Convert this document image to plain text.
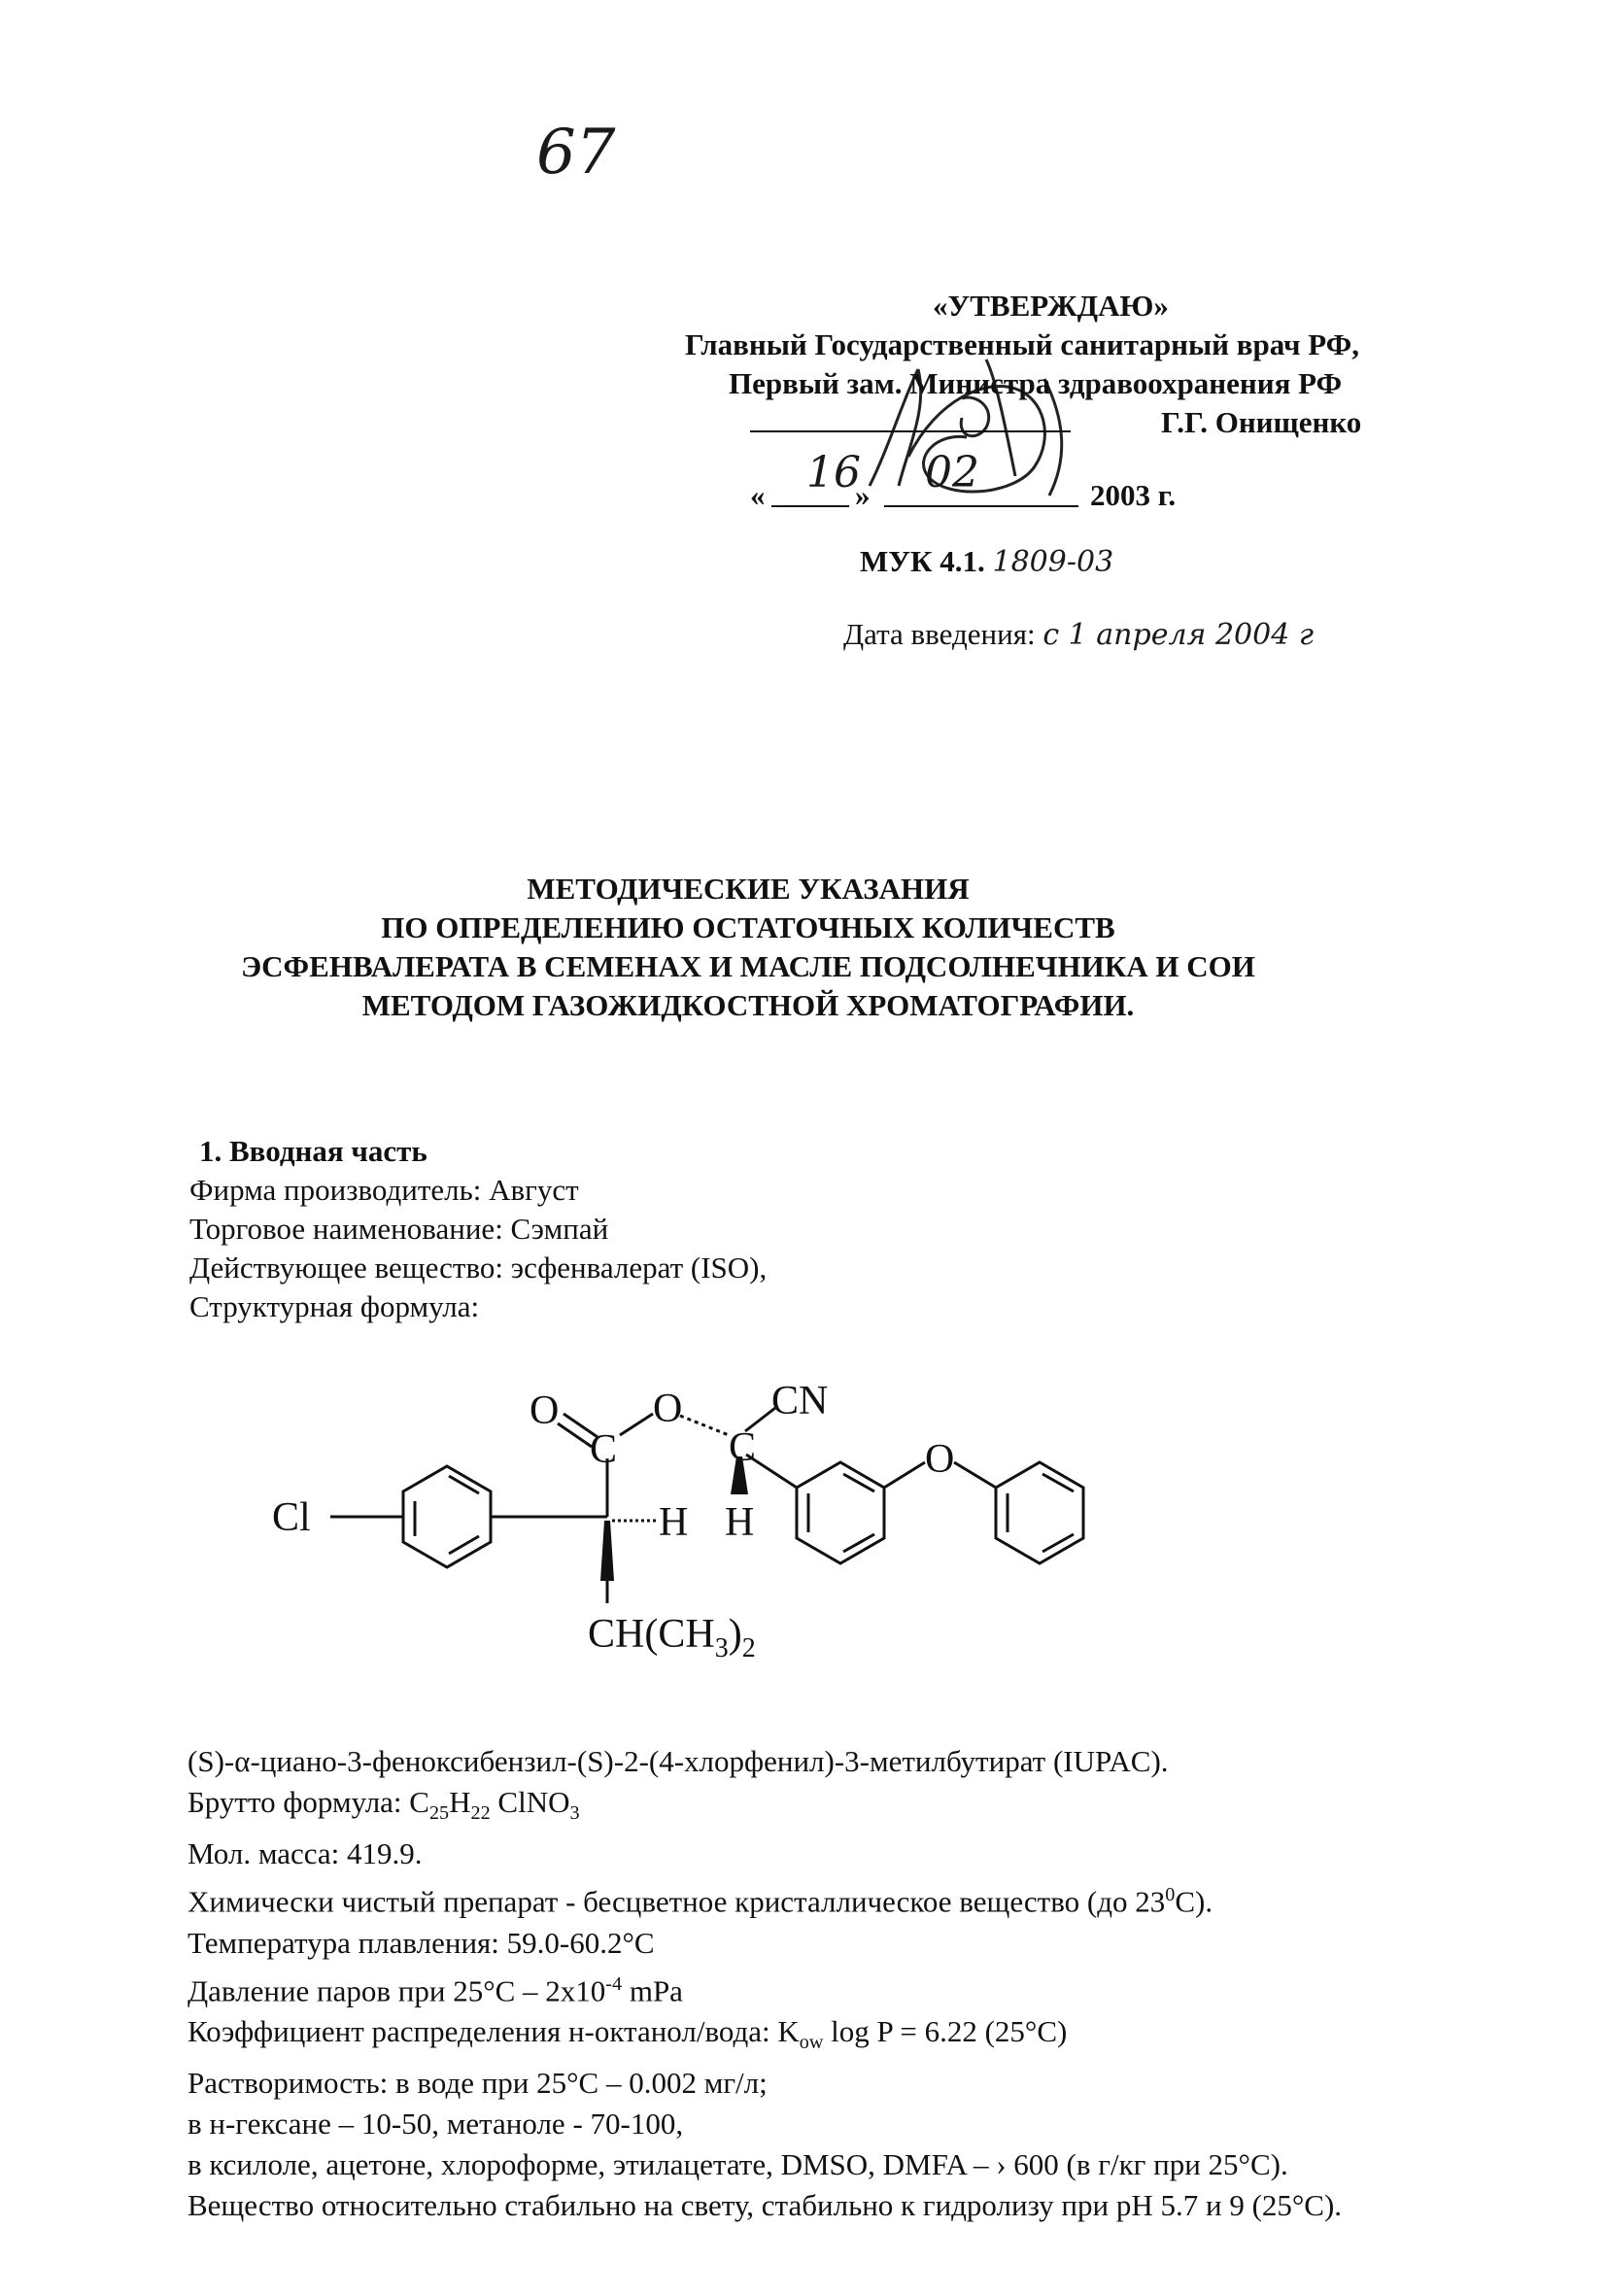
67
«УТВЕРЖДАЮ»
Главный Государственный санитарный врач РФ,
Первый зам. Министра здравоохранения РФ
Г.Г. Онищенко
« 16
» 02	2003 г.
МУК 4.1. 1809-03
Дата введения: с 1 апреля 2004 г
МЕТОДИЧЕСКИЕ УКАЗАНИЯ
ПО ОПРЕДЕЛЕНИЮ ОСТАТОЧНЫХ КОЛИЧЕСТВ
ЭСФЕНВАЛЕРАТА В СЕМЕНАХ И МАСЛЕ ПОДСОЛНЕЧНИКА И СОИ
МЕТОДОМ ГАЗОЖИДКОСТНОЙ ХРОМАТОГРАФИИ.
1. Вводная часть
Фирма производитель: Август
Торговое наименование: Сэмпай
Действующее вещество: эсфенвалерат (ISO),
Структурная формула:
O
C
O
C
CN
O
Cl	H H
$CH(CH_3)_2$
(S)-α-циано-3-феноксибензил-(S)-2-(4-хлорфенил)-3-метилбутират (IUPAC).
Брутто формула: $C_{25}H_{22}$ ClNO$_3$
Мол. масса: 419.9.
Химически чистый препарат - бесцветное кристаллическое вещество (до $23^0C$).
Температура плавления: 59.0-60.2°C
Давление паров при $25^\circ C - 2x10^{-4}$ mPa
Коэффициент распределения н-октанол/вода: $K_{ow}$ log P = 6.22 (25°C)
Растворимость: в воде при 25°C – 0.002 мг/л;
в н-гексане – 10-50, метаноле - 70-100,
в ксилоле, ацетоне, хлороформе, этилацетате, DMSO, DMFA – › 600 (в г/кг при 25°C).
Вещество относительно стабильно на свету, стабильно к гидролизу при pH 5.7 и 9 (25°C).
